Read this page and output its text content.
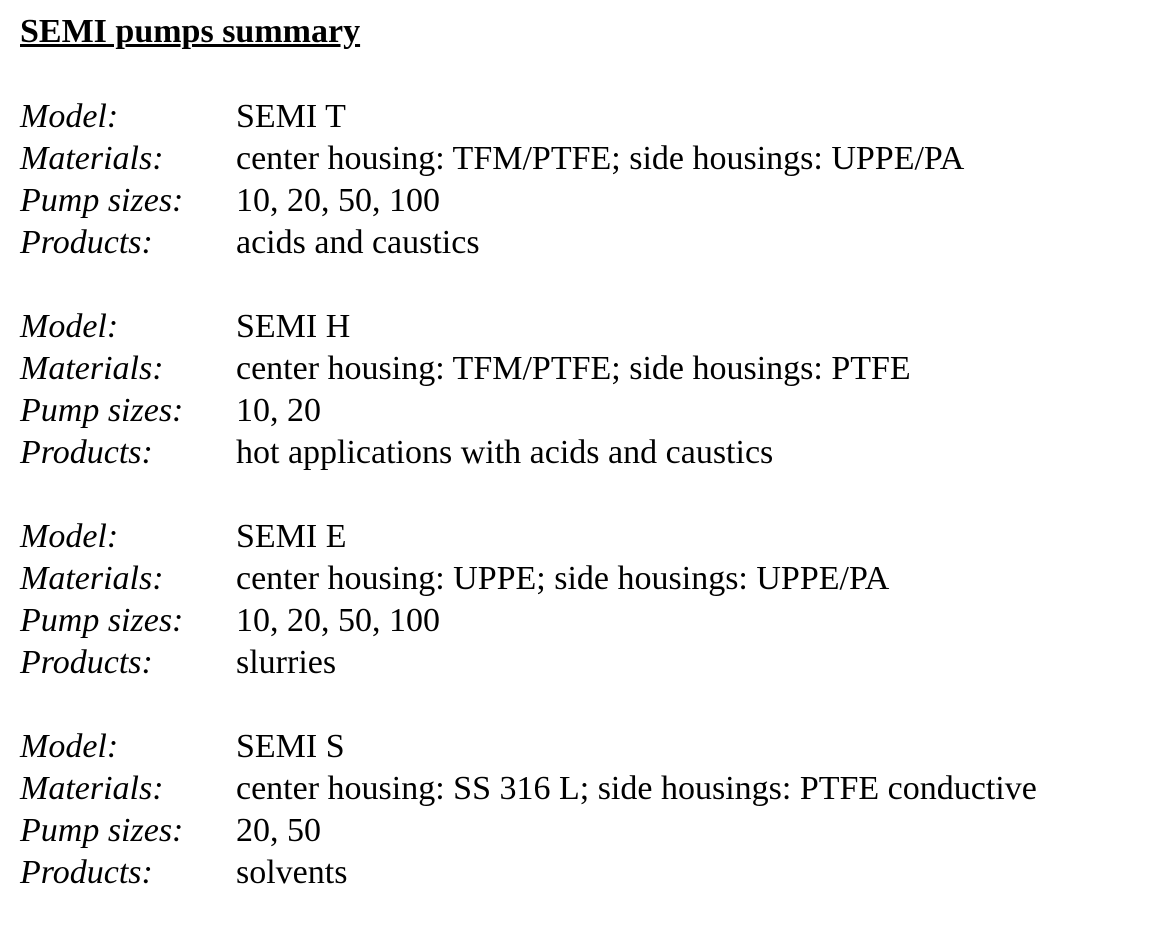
SEMI pumps summary
Model:	SEMI T
Materials:	center housing: TFM/PTFE; side housings: UPPE/PA
Pump sizes:	10, 20, 50, 100
Products:	acids and caustics
Model:	SEMI H
Materials:	center housing: TFM/PTFE; side housings: PTFE
Pump sizes:	10, 20
Products:	hot applications with acids and caustics
Model:	SEMI E
Materials:	center housing: UPPE; side housings: UPPE/PA
Pump sizes:	10, 20, 50, 100
Products:	slurries
Model:	SEMI S
Materials:	center housing: SS 316 L; side housings: PTFE conductive
Pump sizes:	20, 50
Products:	solvents
